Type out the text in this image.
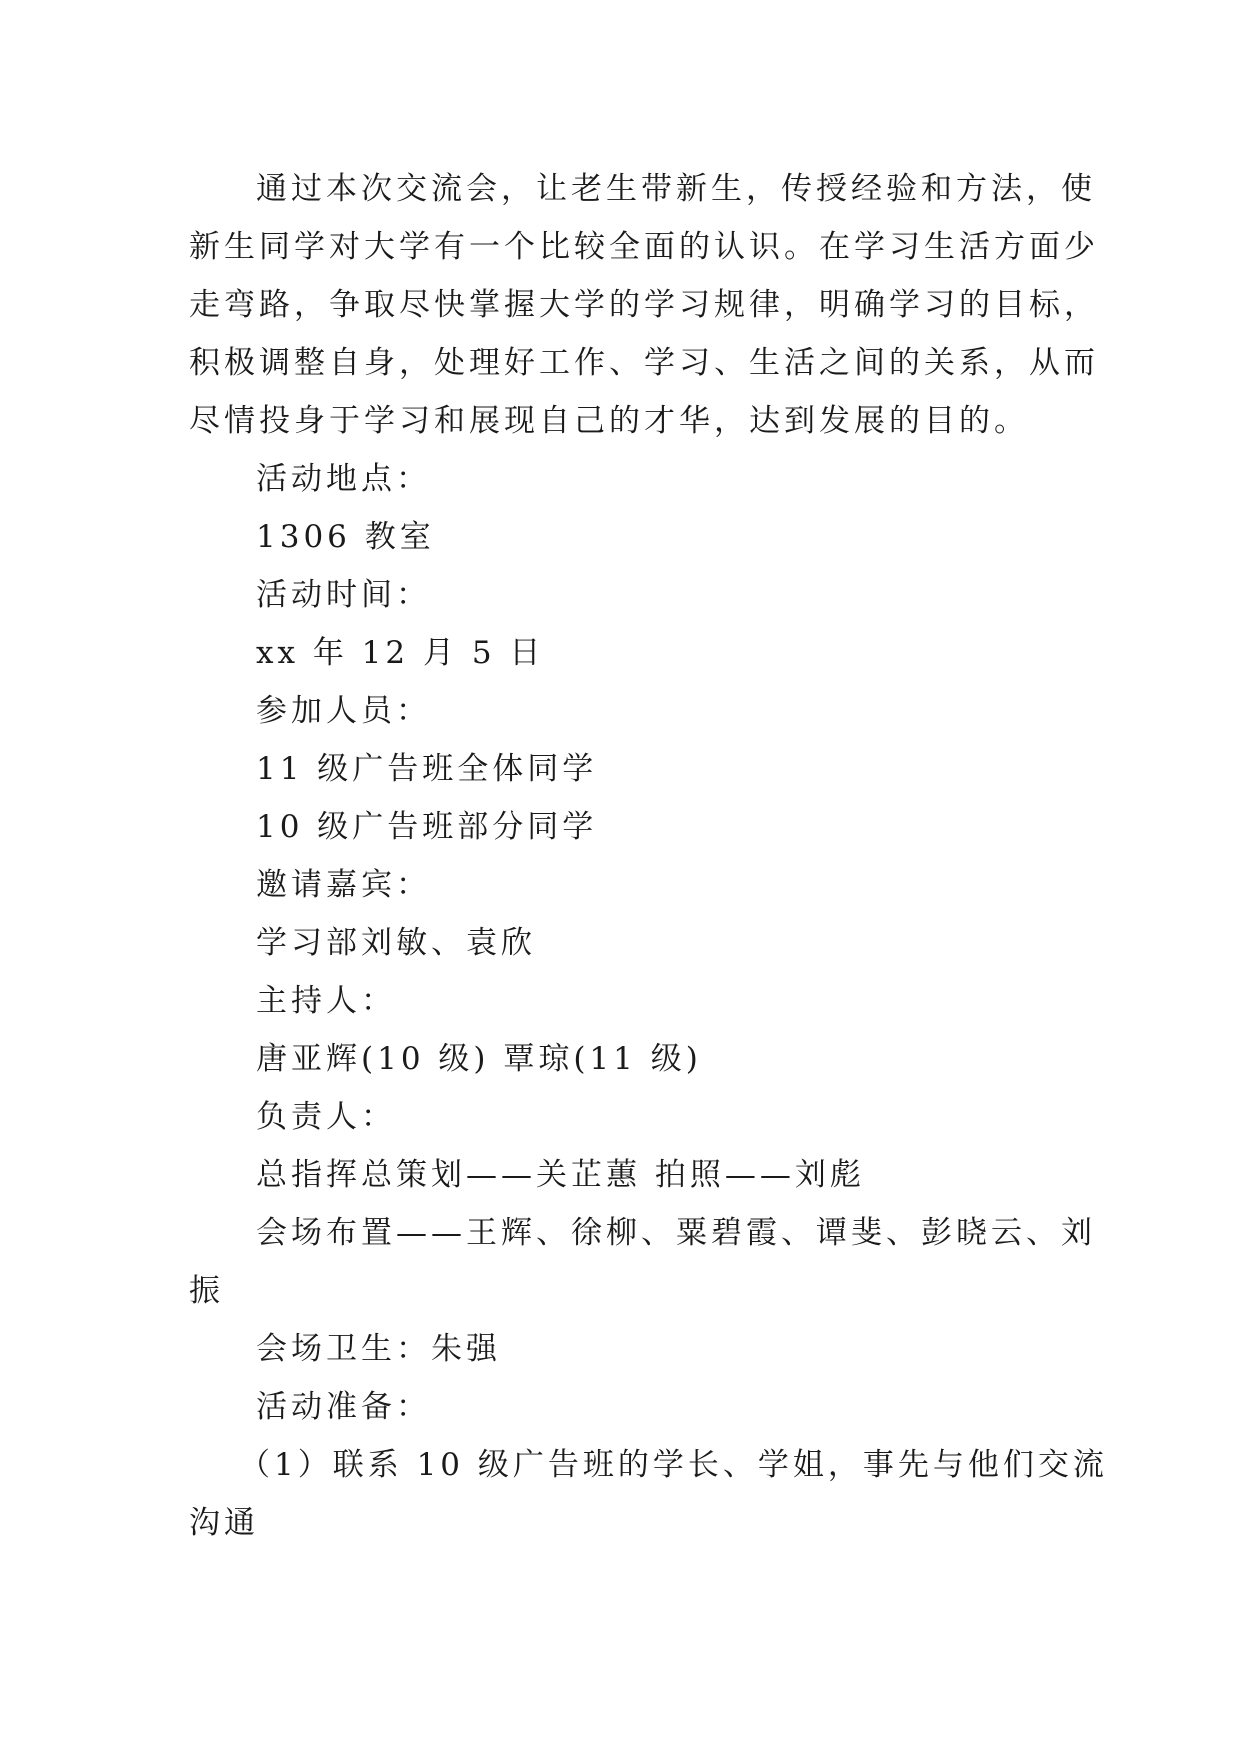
通过本次交流会，让老生带新生，传授经验和方法，使

新生同学对大学有一个比较全面的认识。在学习生活方面少

走弯路，争取尽快掌握大学的学习规律，明确学习的目标，

积极调整自身，处理好工作、学习、生活之间的关系，从而

尽情投身于学习和展现自己的才华，达到发展的目的。

活动地点：

1306 教室

活动时间：

xx 年 12 月 5 日

参加人员：

11 级广告班全体同学

10 级广告班部分同学

邀请嘉宾：

学习部刘敏、袁欣

主持人：

唐亚辉(10 级) 覃琼(11 级)

负责人：

总指挥总策划——关芷蕙 拍照——刘彪

会场布置——王辉、徐柳、粟碧霞、谭斐、彭晓云、刘

振

会场卫生：朱强

活动准备：

（1）联系 10 级广告班的学长、学姐，事先与他们交流

沟通
